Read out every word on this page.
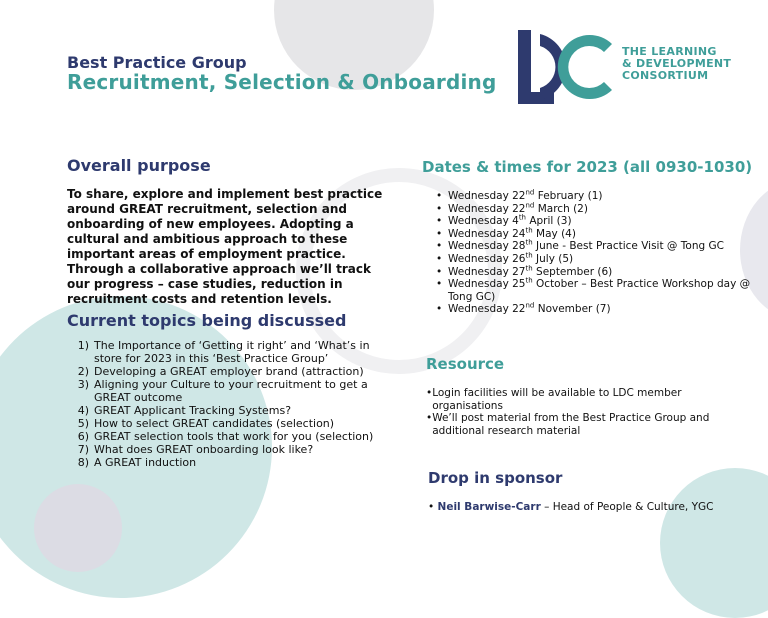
Best Practice Group
Recruitment, Selection & Onboarding
THE LEARNING
& DEVELOPMENT
CONSORTIUM
Overall purpose
To share, explore and implement best practice around GREAT recruitment, selection and onboarding of new employees. Adopting a cultural and ambitious approach to these important areas of employment practice. Through a collaborative approach we’ll track our progress – case studies, reduction in recruitment costs and retention levels.
Current topics being discussed
1) The Importance of ‘Getting it right’ and ‘What’s in store for 2023 in this ‘Best Practice Group’
2) Developing a GREAT employer brand (attraction)
3) Aligning your Culture to your recruitment to get a GREAT outcome
4) GREAT Applicant Tracking Systems?
5) How to select GREAT candidates (selection)
6) GREAT selection tools that work for you (selection)
7) What does GREAT onboarding look like?
8) A GREAT induction
Dates & times for 2023 (all 0930-1030)
• Wednesday 22nd February (1)
• Wednesday 22nd March (2)
• Wednesday 4th April (3)
• Wednesday 24th May (4)
• Wednesday 28th June - Best Practice Visit @ Tong GC
• Wednesday 26th July (5)
• Wednesday 27th September (6)
• Wednesday 25th October – Best Practice Workshop day @ Tong GC)
• Wednesday 22nd November (7)
Resource
• Login facilities will be available to LDC member organisations
• We’ll post material from the Best Practice Group and additional research material
Drop in sponsor
• Neil Barwise-Carr – Head of People & Culture, YGC
